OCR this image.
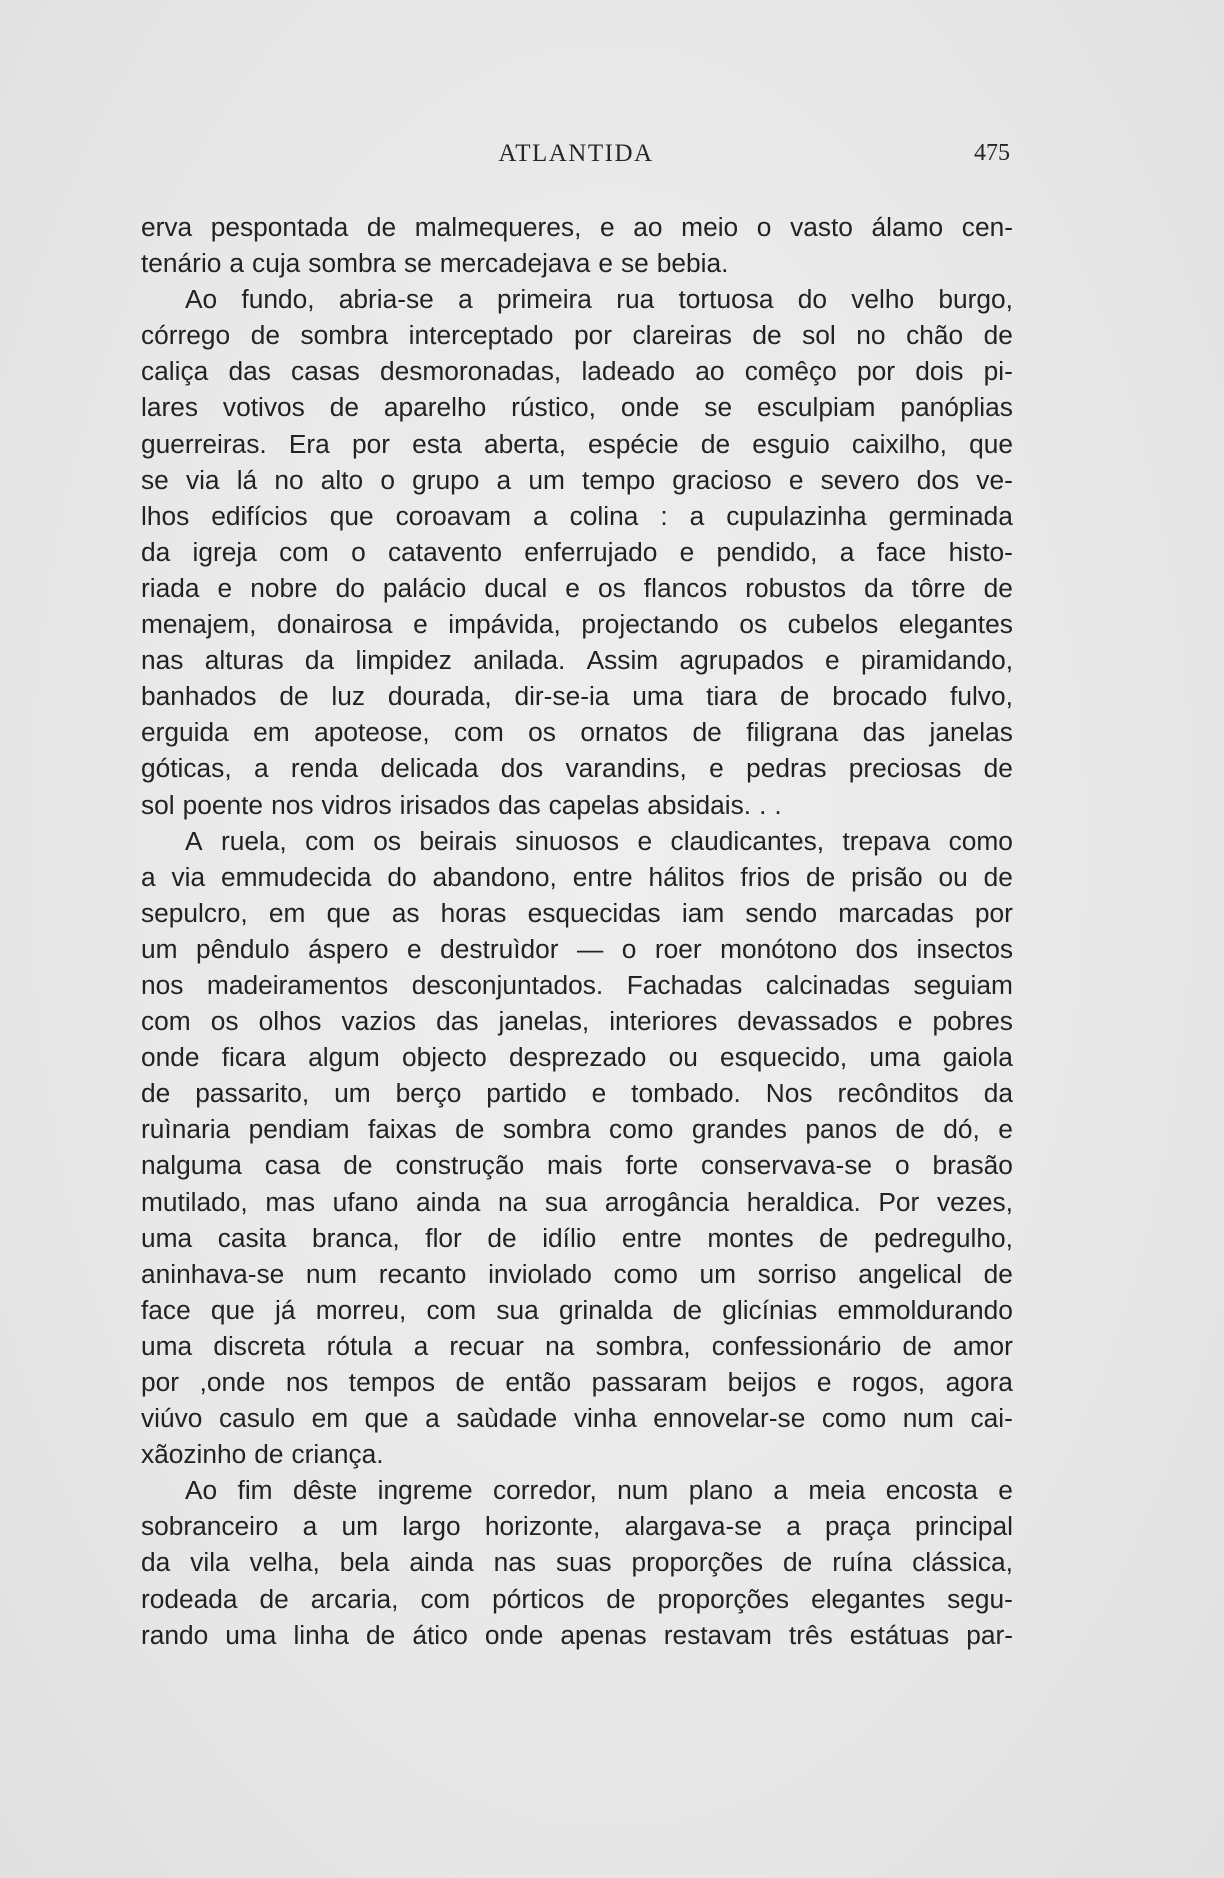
ATLANTIDA	475
erva pespontada de malmequeres, e ao meio o vasto álamo cen-
tenário a cuja sombra se mercadejava e se bebia.
Ao fundo, abria-se a primeira rua tortuosa do velho burgo,
córrego de sombra interceptado por clareiras de sol no chão de
caliça das casas desmoronadas, ladeado ao comêço por dois pi-
lares votivos de aparelho rústico, onde se esculpiam panóplias
guerreiras. Era por esta aberta, espécie de esguio caixilho, que
se via lá no alto o grupo a um tempo gracioso e severo dos ve-
lhos edifícios que coroavam a colina : a cupulazinha germinada
da igreja com o catavento enferrujado e pendido, a face histo-
riada e nobre do palácio ducal e os flancos robustos da tôrre de
menajem, donairosa e impávida, projectando os cubelos elegantes
nas alturas da limpidez anilada. Assim agrupados e piramidando,
banhados de luz dourada, dir-se-ia uma tiara de brocado fulvo,
erguida em apoteose, com os ornatos de filigrana das janelas
góticas, a renda delicada dos varandins, e pedras preciosas de
sol poente nos vidros irisados das capelas absidais. . .
A ruela, com os beirais sinuosos e claudicantes, trepava como
a via emmudecida do abandono, entre hálitos frios de prisão ou de
sepulcro, em que as horas esquecidas iam sendo marcadas por
um pêndulo áspero e destruìdor — o roer monótono dos insectos
nos madeiramentos desconjuntados. Fachadas calcinadas seguiam
com os olhos vazios das janelas, interiores devassados e pobres
onde ficara algum objecto desprezado ou esquecido, uma gaiola
de passarito, um berço partido e tombado. Nos recônditos da
ruìnaria pendiam faixas de sombra como grandes panos de dó, e
nalguma casa de construção mais forte conservava-se o brasão
mutilado, mas ufano ainda na sua arrogância heraldica. Por vezes,
uma casita branca, flor de idílio entre montes de pedregulho,
aninhava-se num recanto inviolado como um sorriso angelical de
face que já morreu, com sua grinalda de glicínias emmoldurando
uma discreta rótula a recuar na sombra, confessionário de amor
por ,onde nos tempos de então passaram beijos e rogos, agora
viúvo casulo em que a saùdade vinha ennovelar-se como num cai-
xãozinho de criança.
Ao fim dêste ingreme corredor, num plano a meia encosta e
sobranceiro a um largo horizonte, alargava-se a praça principal
da vila velha, bela ainda nas suas proporções de ruína clássica,
rodeada de arcaria, com pórticos de proporções elegantes segu-
rando uma linha de ático onde apenas restavam três estátuas par-
